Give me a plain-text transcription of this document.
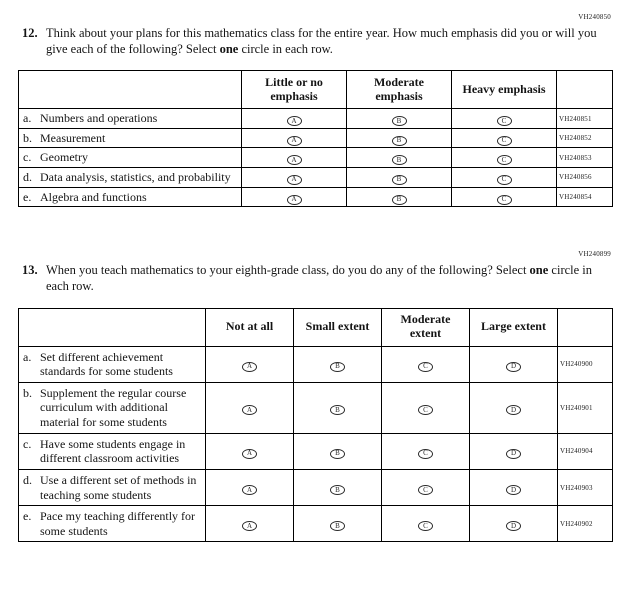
VH240850
12. Think about your plans for this mathematics class for the entire year. How much emphasis did you or will you give each of the following? Select one circle in each row.
	Little or no emphasis	Moderate emphasis	Heavy emphasis	

a. Numbers and operations	A	B	C	VH240851

b. Measurement	A	B	C	VH240852

c. Geometry	A	B	C	VH240853

d. Data analysis, statistics, and probability	A	B	C	VH240856

e. Algebra and functions	A	B	C	VH240854
VH240899
13. When you teach mathematics to your eighth-grade class, do you do any of the following? Select one circle in each row.
	Not at all	Small extent	Moderate extent	Large extent	

a. Set different achievement standards for some students	A	B	C	D	VH240900

b. Supplement the regular course curriculum with additional material for some students	A	B	C	D	VH240901

c. Have some students engage in different classroom activities	A	B	C	D	VH240904

d. Use a different set of methods in teaching some students	A	B	C	D	VH240903

e. Pace my teaching differently for some students	A	B	C	D	VH240902
